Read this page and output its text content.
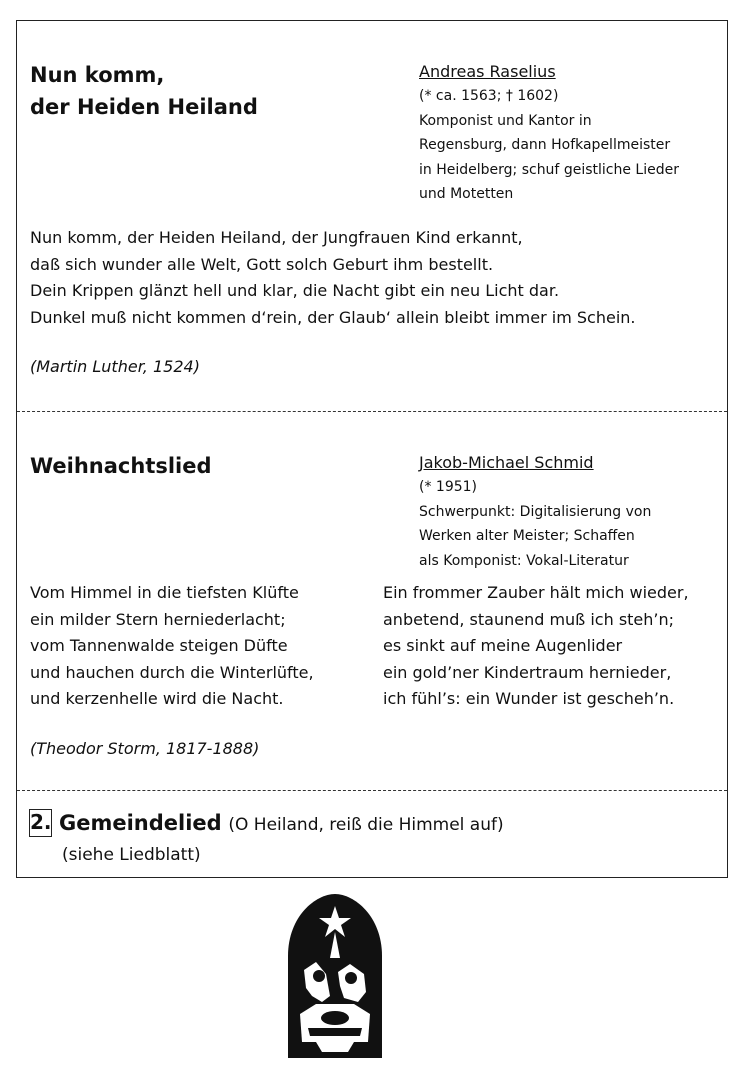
Nun komm,
der Heiden Heiland
Andreas Raselius
(* ca. 1563; † 1602)
Komponist und Kantor in
Regensburg, dann Hofkapellmeister
in Heidelberg; schuf geistliche Lieder
und Motetten
Nun komm, der Heiden Heiland, der Jungfrauen Kind erkannt,
daß sich wunder alle Welt, Gott solch Geburt ihm bestellt.
Dein Krippen glänzt hell und klar, die Nacht gibt ein neu Licht dar.
Dunkel muß nicht kommen d‘rein, der Glaub‘ allein bleibt immer im Schein.
(Martin Luther, 1524)
Weihnachtslied	Jakob-Michael Schmid
(* 1951)
Schwerpunkt: Digitalisierung von
Werken alter Meister; Schaffen
als Komponist: Vokal-Literatur
Vom Himmel in die tiefsten Klüfte
ein milder Stern herniederlacht;
vom Tannenwalde steigen Düfte
und hauchen durch die Winterlüfte,
und kerzenhelle wird die Nacht.
Ein frommer Zauber hält mich wieder,
anbetend, staunend muß ich steh’n;
es sinkt auf meine Augenlider
ein gold’ner Kindertraum hernieder,
ich fühl’s: ein Wunder ist gescheh’n.
(Theodor Storm, 1817-1888)
2. Gemeindelied (O Heiland, reiß die Himmel auf)
(siehe Liedblatt)
